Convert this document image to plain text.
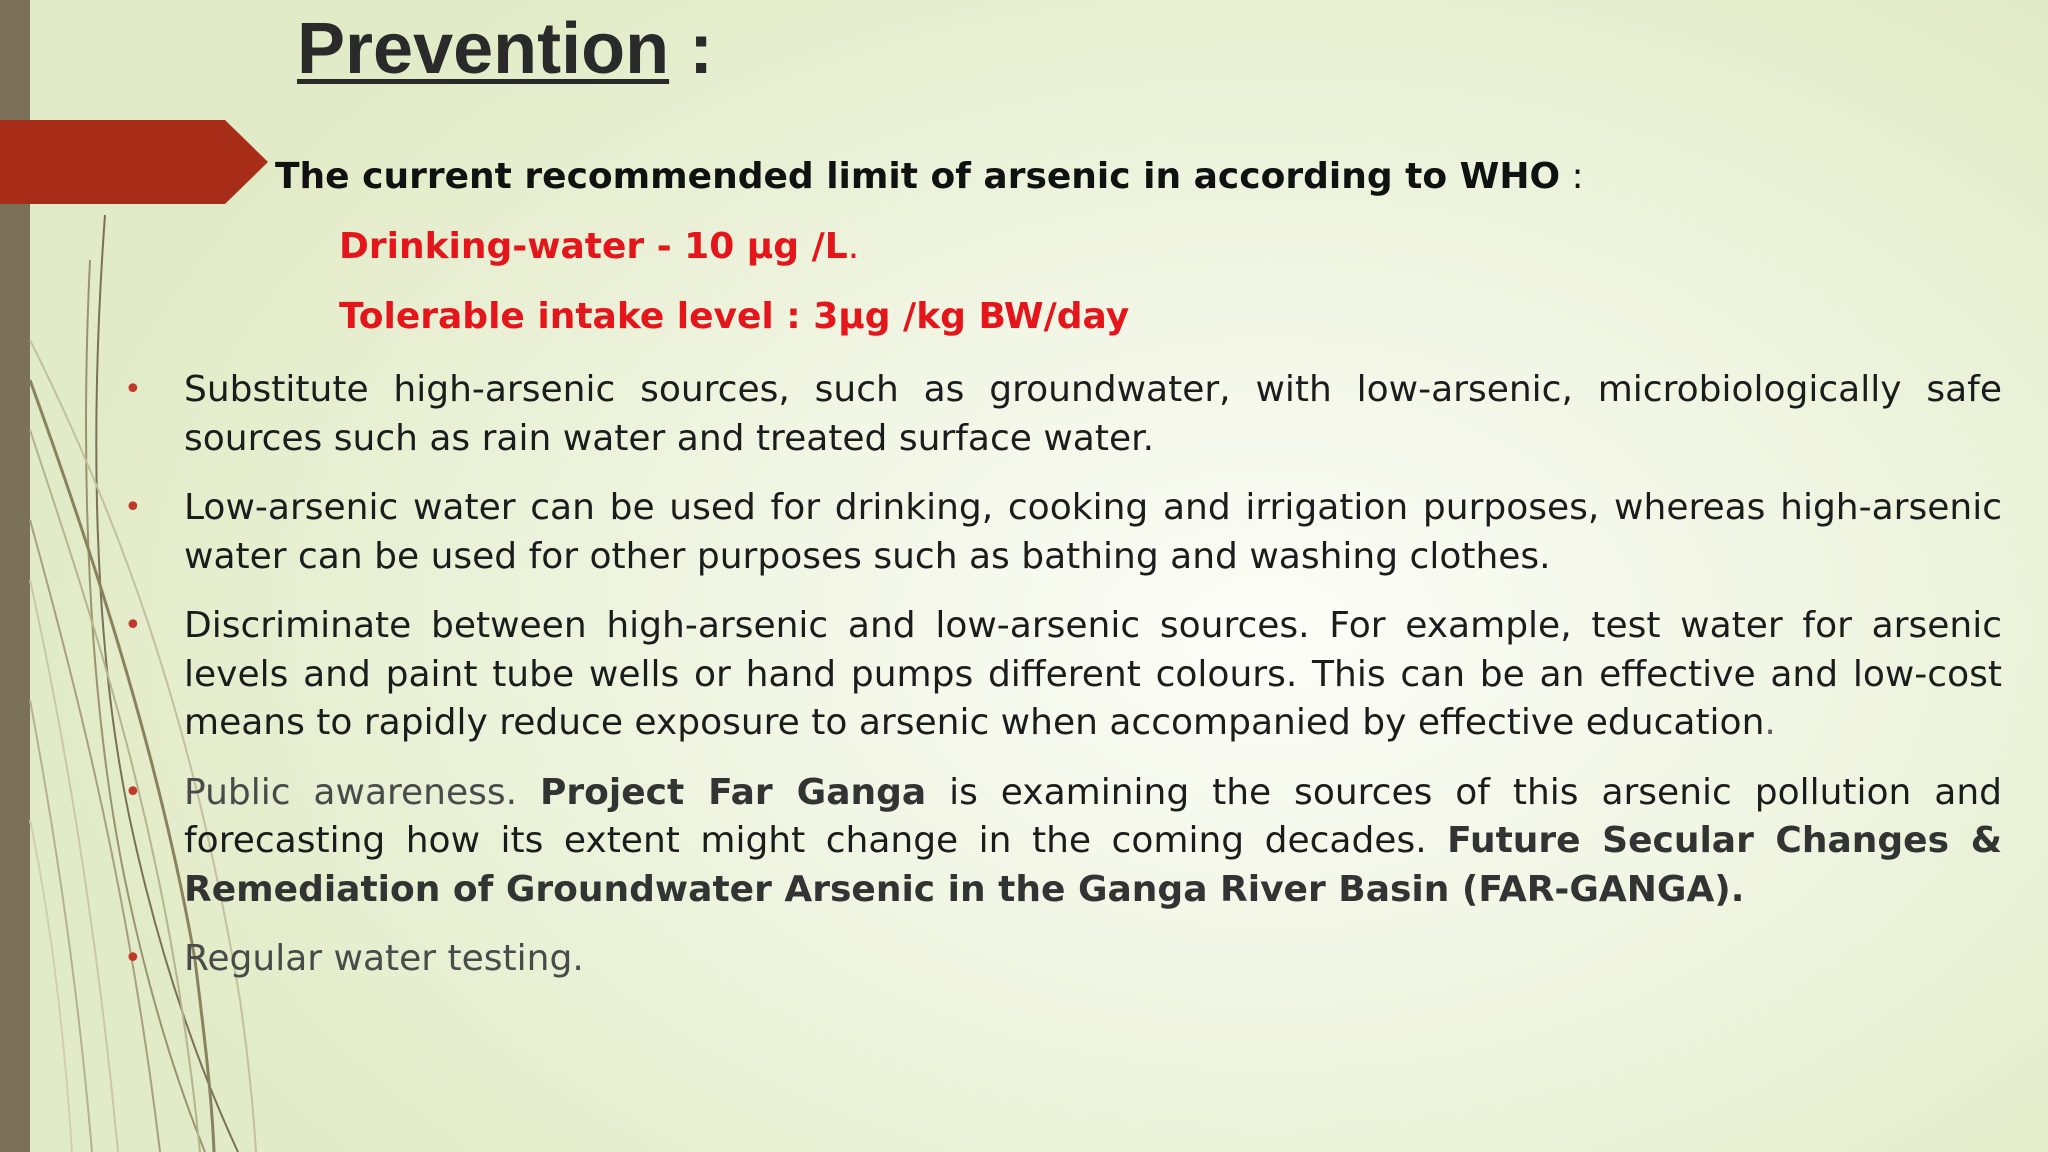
Prevention :
The current recommended limit of arsenic in according to WHO :
Drinking-water - 10 µg /L.
Tolerable intake level : 3µg /kg BW/day
• Substitute high-arsenic sources, such as groundwater, with low-arsenic, microbiologically safe sources such as rain water and treated surface water.
• Low-arsenic water can be used for drinking, cooking and irrigation purposes, whereas high-arsenic water can be used for other purposes such as bathing and washing clothes.
• Discriminate between high-arsenic and low-arsenic sources. For example, test water for arsenic levels and paint tube wells or hand pumps different colours. This can be an effective and low-cost means to rapidly reduce exposure to arsenic when accompanied by effective education.
• Public awareness. Project Far Ganga is examining the sources of this arsenic pollution and forecasting how its extent might change in the coming decades. Future Secular Changes & Remediation of Groundwater Arsenic in the Ganga River Basin (FAR-GANGA).
• Regular water testing.
